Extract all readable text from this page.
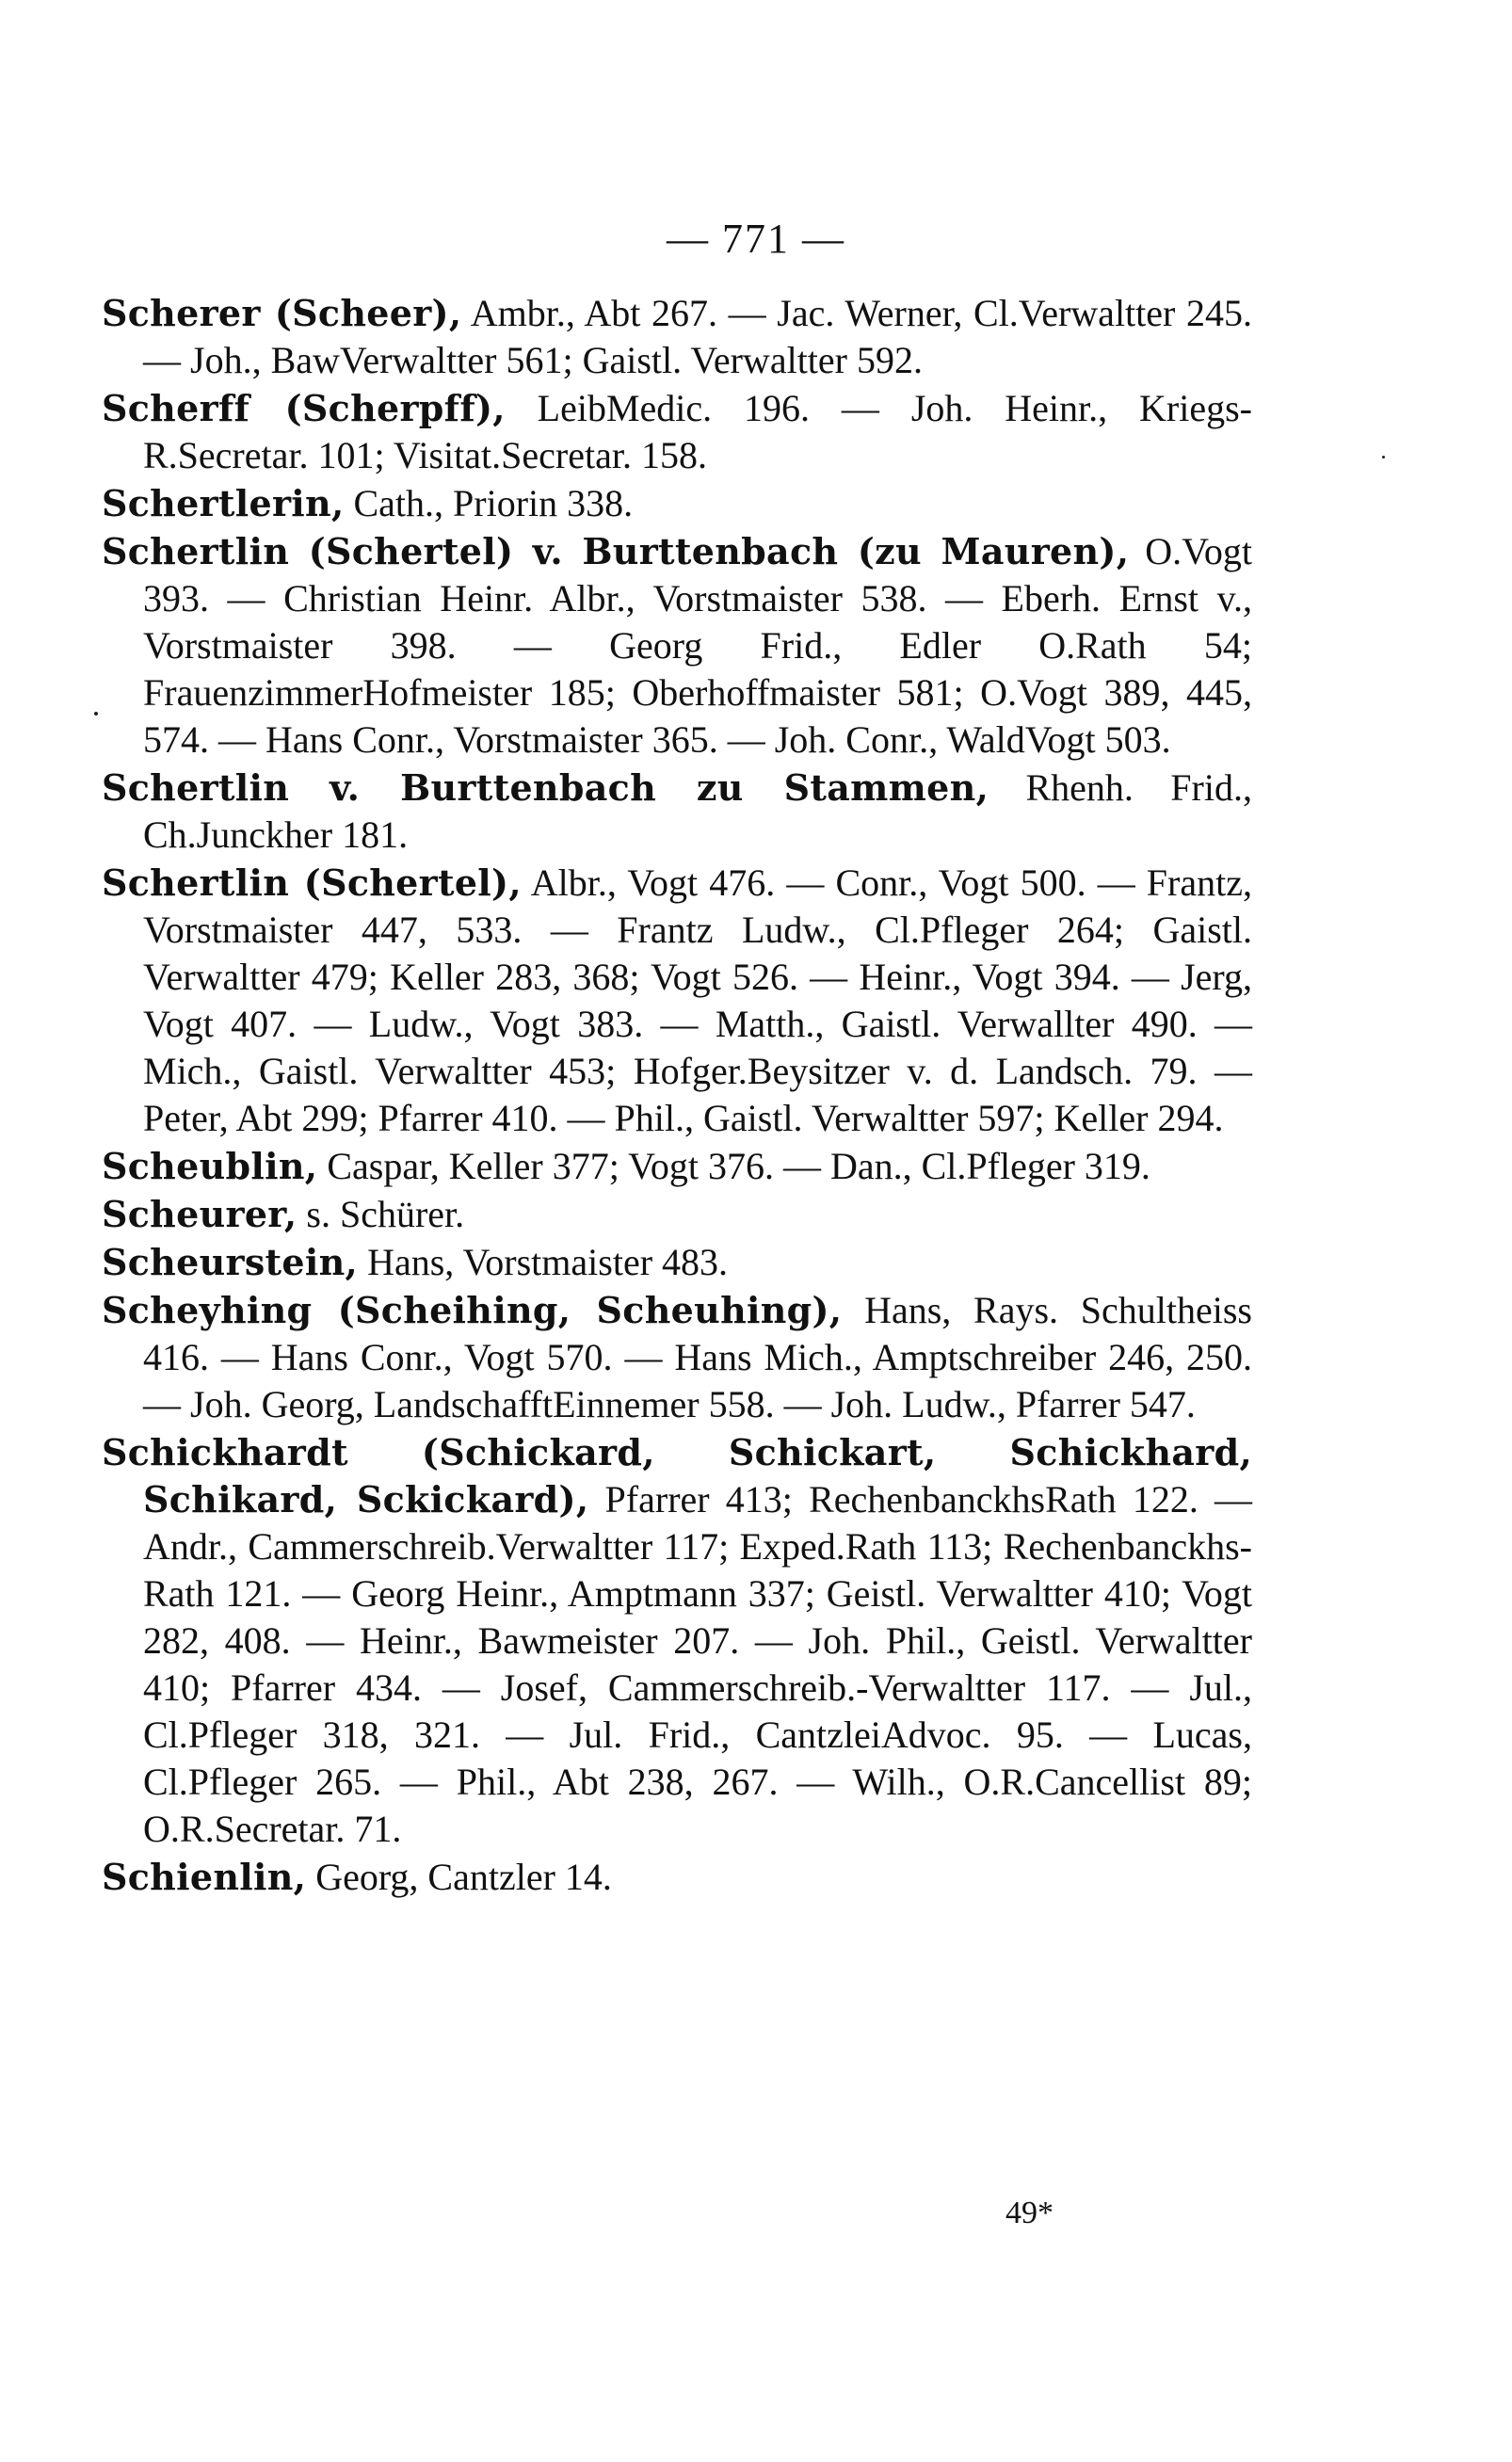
— 771 —

Scherer (Scheer), Ambr., Abt 267. — Jac. Werner, Cl.Verwaltter 245. — Joh., BawVerwaltter 561; Gaistl. Verwaltter 592.

Scherff (Scherpff), LeibMedic. 196. — Joh. Heinr., Kriegs-R.Secretar. 101; Visitat.Secretar. 158.

Schertlerin, Cath., Priorin 338.

Schertlin (Schertel) v. Burttenbach (zu Mauren), O.Vogt 393. — Christian Heinr. Albr., Vorstmaister 538. — Eberh. Ernst v., Vorstmaister 398. — Georg Frid., Edler O.Rath 54; FrauenzimmerHofmeister 185; Oberhoffmaister 581; O.Vogt 389, 445, 574. — Hans Conr., Vorstmaister 365. — Joh. Conr., WaldVogt 503.

Schertlin v. Burttenbach zu Stammen, Rhenh. Frid., Ch.Junckher 181.

Schertlin (Schertel), Albr., Vogt 476. — Conr., Vogt 500. — Frantz, Vorstmaister 447, 533. — Frantz Ludw., Cl.Pfleger 264; Gaistl. Verwaltter 479; Keller 283, 368; Vogt 526. — Heinr., Vogt 394. — Jerg, Vogt 407. — Ludw., Vogt 383. — Matth., Gaistl. Verwallter 490. — Mich., Gaistl. Verwaltter 453; Hofger.Beysitzer v. d. Landsch. 79. — Peter, Abt 299; Pfarrer 410. — Phil., Gaistl. Verwaltter 597; Keller 294.

Scheublin, Caspar, Keller 377; Vogt 376. — Dan., Cl.Pfleger 319.

Scheurer, s. Schürer.

Scheurstein, Hans, Vorstmaister 483.

Scheyhing (Scheihing, Scheuhing), Hans, Rays. Schultheiss 416. — Hans Conr., Vogt 570. — Hans Mich., Amptschreiber 246, 250. — Joh. Georg, LandschafftEinnemer 558. — Joh. Ludw., Pfarrer 547.

Schickhardt (Schickard, Schickart, Schickhard, Schikard, Sckickard), Pfarrer 413; RechenbanckhsRath 122. — Andr., Cammerschreib.Verwaltter 117; Exped.Rath 113; Rechenbanckhs-Rath 121. — Georg Heinr., Amptmann 337; Geistl. Verwaltter 410; Vogt 282, 408. — Heinr., Bawmeister 207. — Joh. Phil., Geistl. Verwaltter 410; Pfarrer 434. — Josef, Cammerschreib.-Verwaltter 117. — Jul., Cl.Pfleger 318, 321. — Jul. Frid., CantzleiAdvoc. 95. — Lucas, Cl.Pfleger 265. — Phil., Abt 238, 267. — Wilh., O.R.Cancellist 89; O.R.Secretar. 71.

Schienlin, Georg, Cantzler 14.

49*
